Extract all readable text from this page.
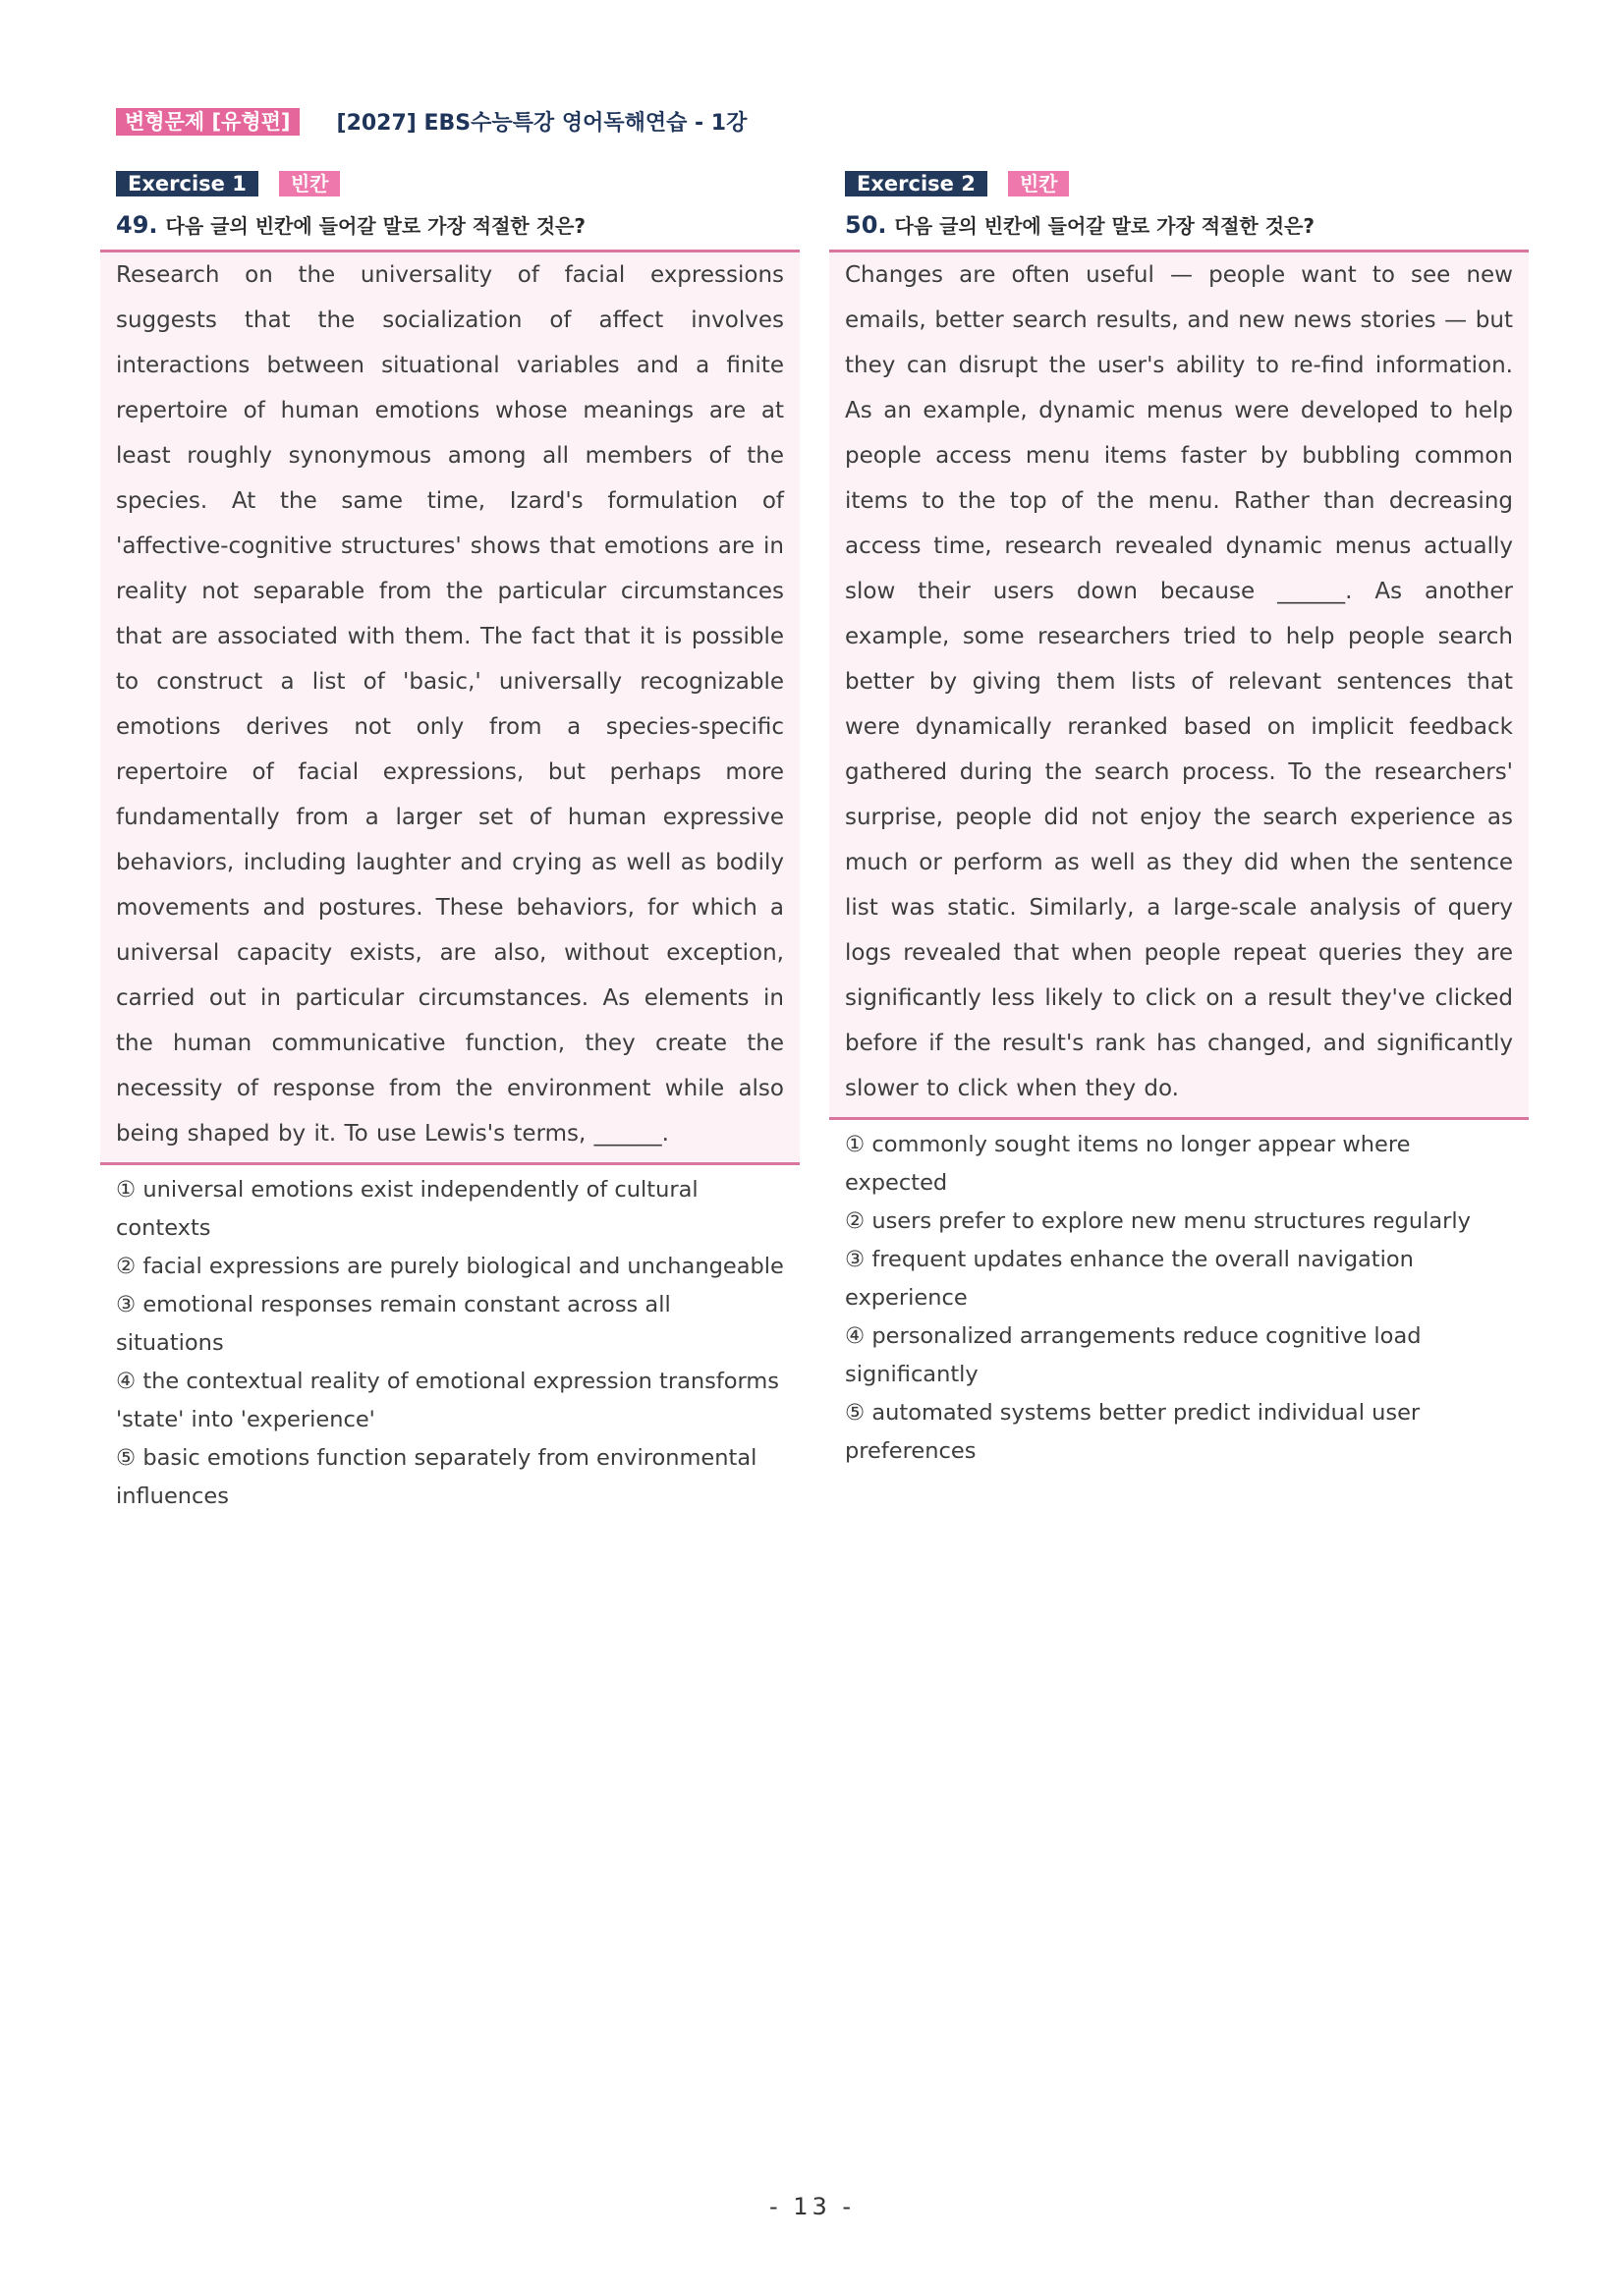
변형문제 [유형편]	[2027] EBS수능특강 영어독해연습 - 1강
Exercise 1	빈칸
49. 다음 글의 빈칸에 들어갈 말로 가장 적절한 것은?

Research on the universality of facial expressions suggests that the socialization of affect involves interactions between situational variables and a finite repertoire of human emotions whose meanings are at least roughly synonymous among all members of the species. At the same time, Izard's formulation of 'affective-cognitive structures' shows that emotions are in reality not separable from the particular circumstances that are associated with them. The fact that it is possible to construct a list of 'basic,' universally recognizable emotions derives not only from a species-specific repertoire of facial expressions, but perhaps more fundamentally from a larger set of human expressive behaviors, including laughter and crying as well as bodily movements and postures. These behaviors, for which a universal capacity exists, are also, without exception, carried out in particular circumstances. As elements in the human communicative function, they create the necessity of response from the environment while also being shaped by it. To use Lewis's terms, ______.

① universal emotions exist independently of cultural contexts
② facial expressions are purely biological and unchangeable
③ emotional responses remain constant across all situations
④ the contextual reality of emotional expression transforms 'state' into 'experience'
⑤ basic emotions function separately from environmental influences
Exercise 2	빈칸
50. 다음 글의 빈칸에 들어갈 말로 가장 적절한 것은?

Changes are often useful — people want to see new emails, better search results, and new news stories — but they can disrupt the user's ability to re-find information. As an example, dynamic menus were developed to help people access menu items faster by bubbling common items to the top of the menu. Rather than decreasing access time, research revealed dynamic menus actually slow their users down because ______. As another example, some researchers tried to help people search better by giving them lists of relevant sentences that were dynamically reranked based on implicit feedback gathered during the search process. To the researchers' surprise, people did not enjoy the search experience as much or perform as well as they did when the sentence list was static. Similarly, a large-scale analysis of query logs revealed that when people repeat queries they are significantly less likely to click on a result they've clicked before if the result's rank has changed, and significantly slower to click when they do.

① commonly sought items no longer appear where expected
② users prefer to explore new menu structures regularly
③ frequent updates enhance the overall navigation experience
④ personalized arrangements reduce cognitive load significantly
⑤ automated systems better predict individual user preferences
- 13 -
